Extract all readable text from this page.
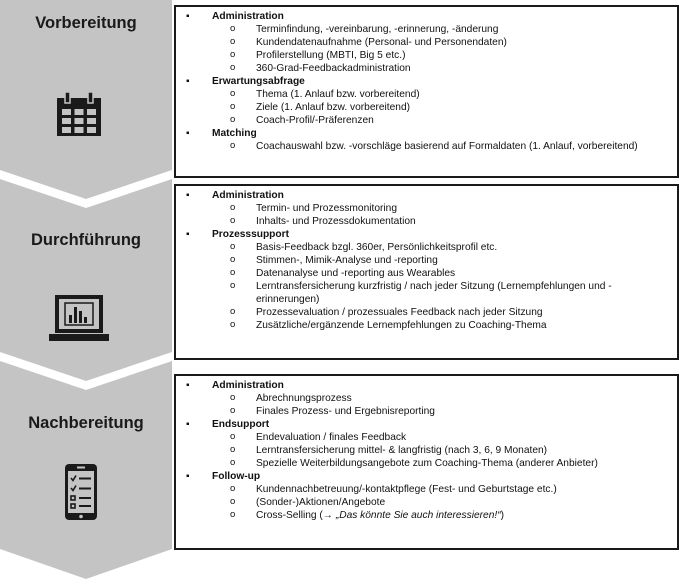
Vorbereitung
Durchführung
Nachbereitung
▪ Administration
o Terminfindung, -vereinbarung, -erinnerung, -änderung
o Kundendatenaufnahme (Personal- und Personendaten)
o Profilerstellung (MBTI, Big 5 etc.)
o 360-Grad-Feedbackadministration
▪ Erwartungsabfrage
o Thema (1. Anlauf bzw. vorbereitend)
o Ziele (1. Anlauf bzw. vorbereitend)
o Coach-Profil/-Präferenzen
▪ Matching
o Coachauswahl bzw. -vorschläge basierend auf Formaldaten (1. Anlauf, vorbereitend)
▪ Administration
o Termin- und Prozessmonitoring
o Inhalts- und Prozessdokumentation
▪ Prozesssupport
o Basis-Feedback bzgl. 360er, Persönlichkeitsprofil etc.
o Stimmen-, Mimik-Analyse und -reporting
o Datenanalyse und -reporting aus Wearables
o Lerntransfersicherung kurzfristig / nach jeder Sitzung (Lernempfehlungen und -erinnerungen)
o Prozessevaluation / prozessuales Feedback nach jeder Sitzung
o Zusätzliche/ergänzende Lernempfehlungen zu Coaching-Thema
▪ Administration
o Abrechnungsprozess
o Finales Prozess- und Ergebnisreporting
▪ Endsupport
o Endevaluation / finales Feedback
o Lerntransfersicherung mittel- & langfristig (nach 3, 6, 9 Monaten)
o Spezielle Weiterbildungsangebote zum Coaching-Thema (anderer Anbieter)
▪ Follow-up
o Kundennachbetreuung/-kontaktpflege (Fest- und Geburtstage etc.)
o (Sonder-)Aktionen/Angebote
o Cross-Selling (→ „Das könnte Sie auch interessieren!“)
